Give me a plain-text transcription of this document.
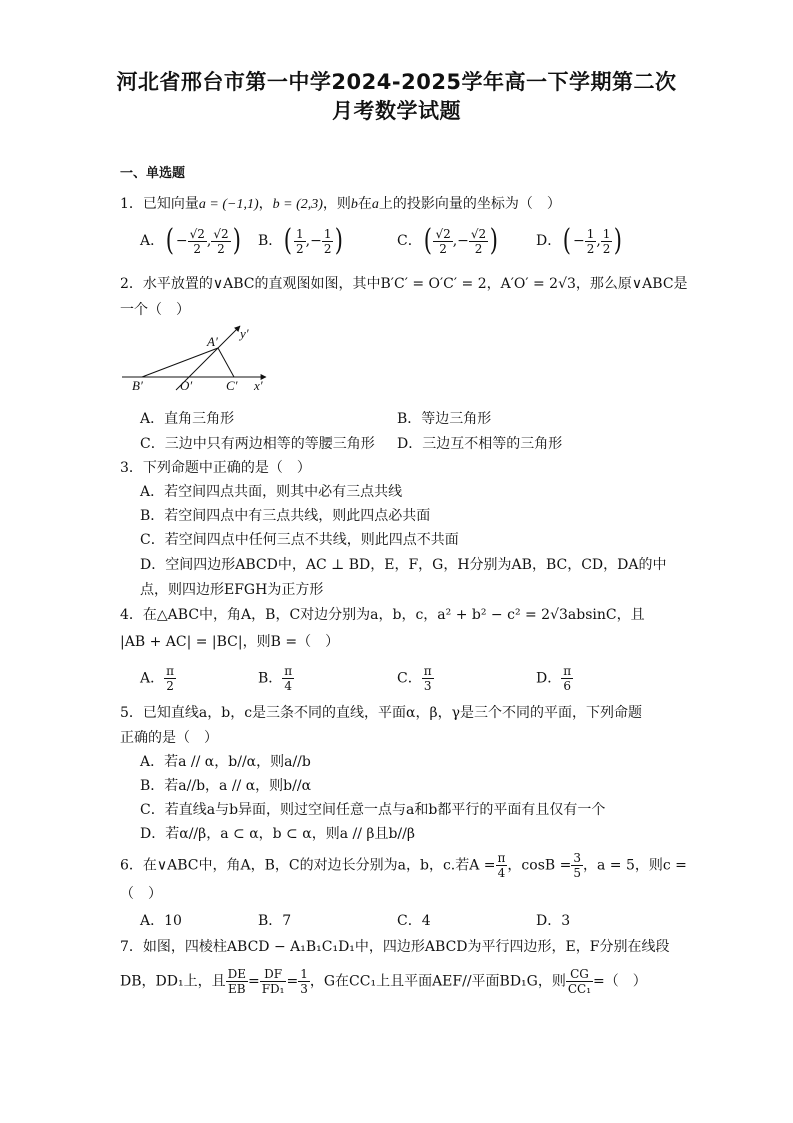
河北省邢台市第一中学2024-2025学年高一下学期第二次
月考数学试题
一、单选题
1．已知向量a = (−1,1)，b = (2,3)，则b在a上的投影向量的坐标为（　）
A．( − $\frac{√2}{2}$ , $\frac{√2}{2}$ ) B．( $\frac{1}{2}$ ,− $\frac{1}{2}$ )	C．( $\frac{√2}{2}$ ,− $\frac{√2}{2}$ )	D．( − $\frac{1}{2}$ , $\frac{1}{2}$ )
2．水平放置的∨ABC的直观图如图，其中B′C′ = O′C′ = 2，A′O′ = 2√3，那么原∨ABC是
一个（　）
y′
A′
B′	O′	C′ x′
A．直角三角形	B．等边三角形
C．三边中只有两边相等的等腰三角形 D．三边互不相等的三角形
3．下列命题中正确的是（　）
A．若空间四点共面，则其中必有三点共线
B．若空间四点中有三点共线，则此四点必共面
C．若空间四点中任何三点不共线，则此四点不共面
D．空间四边形ABCD中，AC ⊥ BD，E，F，G，H分别为AB，BC，CD，DA的中
点，则四边形EFGH为正方形
4．在△ABC中，角A，B，C对边分别为a，b，c，a² + b² − c² = 2√3absinC，且
|AB + AC| = |BC|，则B =（　）
A． $\frac{\pi}{2}$	B． $\frac{\pi}{4}$	C． $\frac{\pi}{3}$	D． $\frac{\pi}{6}$
5．已知直线a，b，c是三条不同的直线，平面α，β，γ是三个不同的平面，下列命题
正确的是（　）
A．若a // α，b//α，则a//b
B．若a//b，a // α，则b//α
C．若直线a与b异面，则过空间任意一点与a和b都平行的平面有且仅有一个
D．若α//β，a ⊂ α，b ⊂ α，则a // β且b//β
6．在∨ABC中，角A，B，C的对边长分别为a，b，c.若$A = \frac{\pi}{4}$ ，$\cos B = \frac{3}{5}$ ，a = 5，则c =
（　）
A．10	B．7	C．4	D．3
7．如图，四棱柱ABCD − A₁B₁C₁D₁中，四边形ABCD为平行四边形，E，F分别在线段
DB，DD₁上，且 $\frac{DE}{EB} = \frac{DF}{\text{FD₁}} = \frac{1}{3}$ ，G在CC₁上且平面AEF//平面BD₁G，则 $\frac{CG}{\text{CC₁}}$ =（　）
